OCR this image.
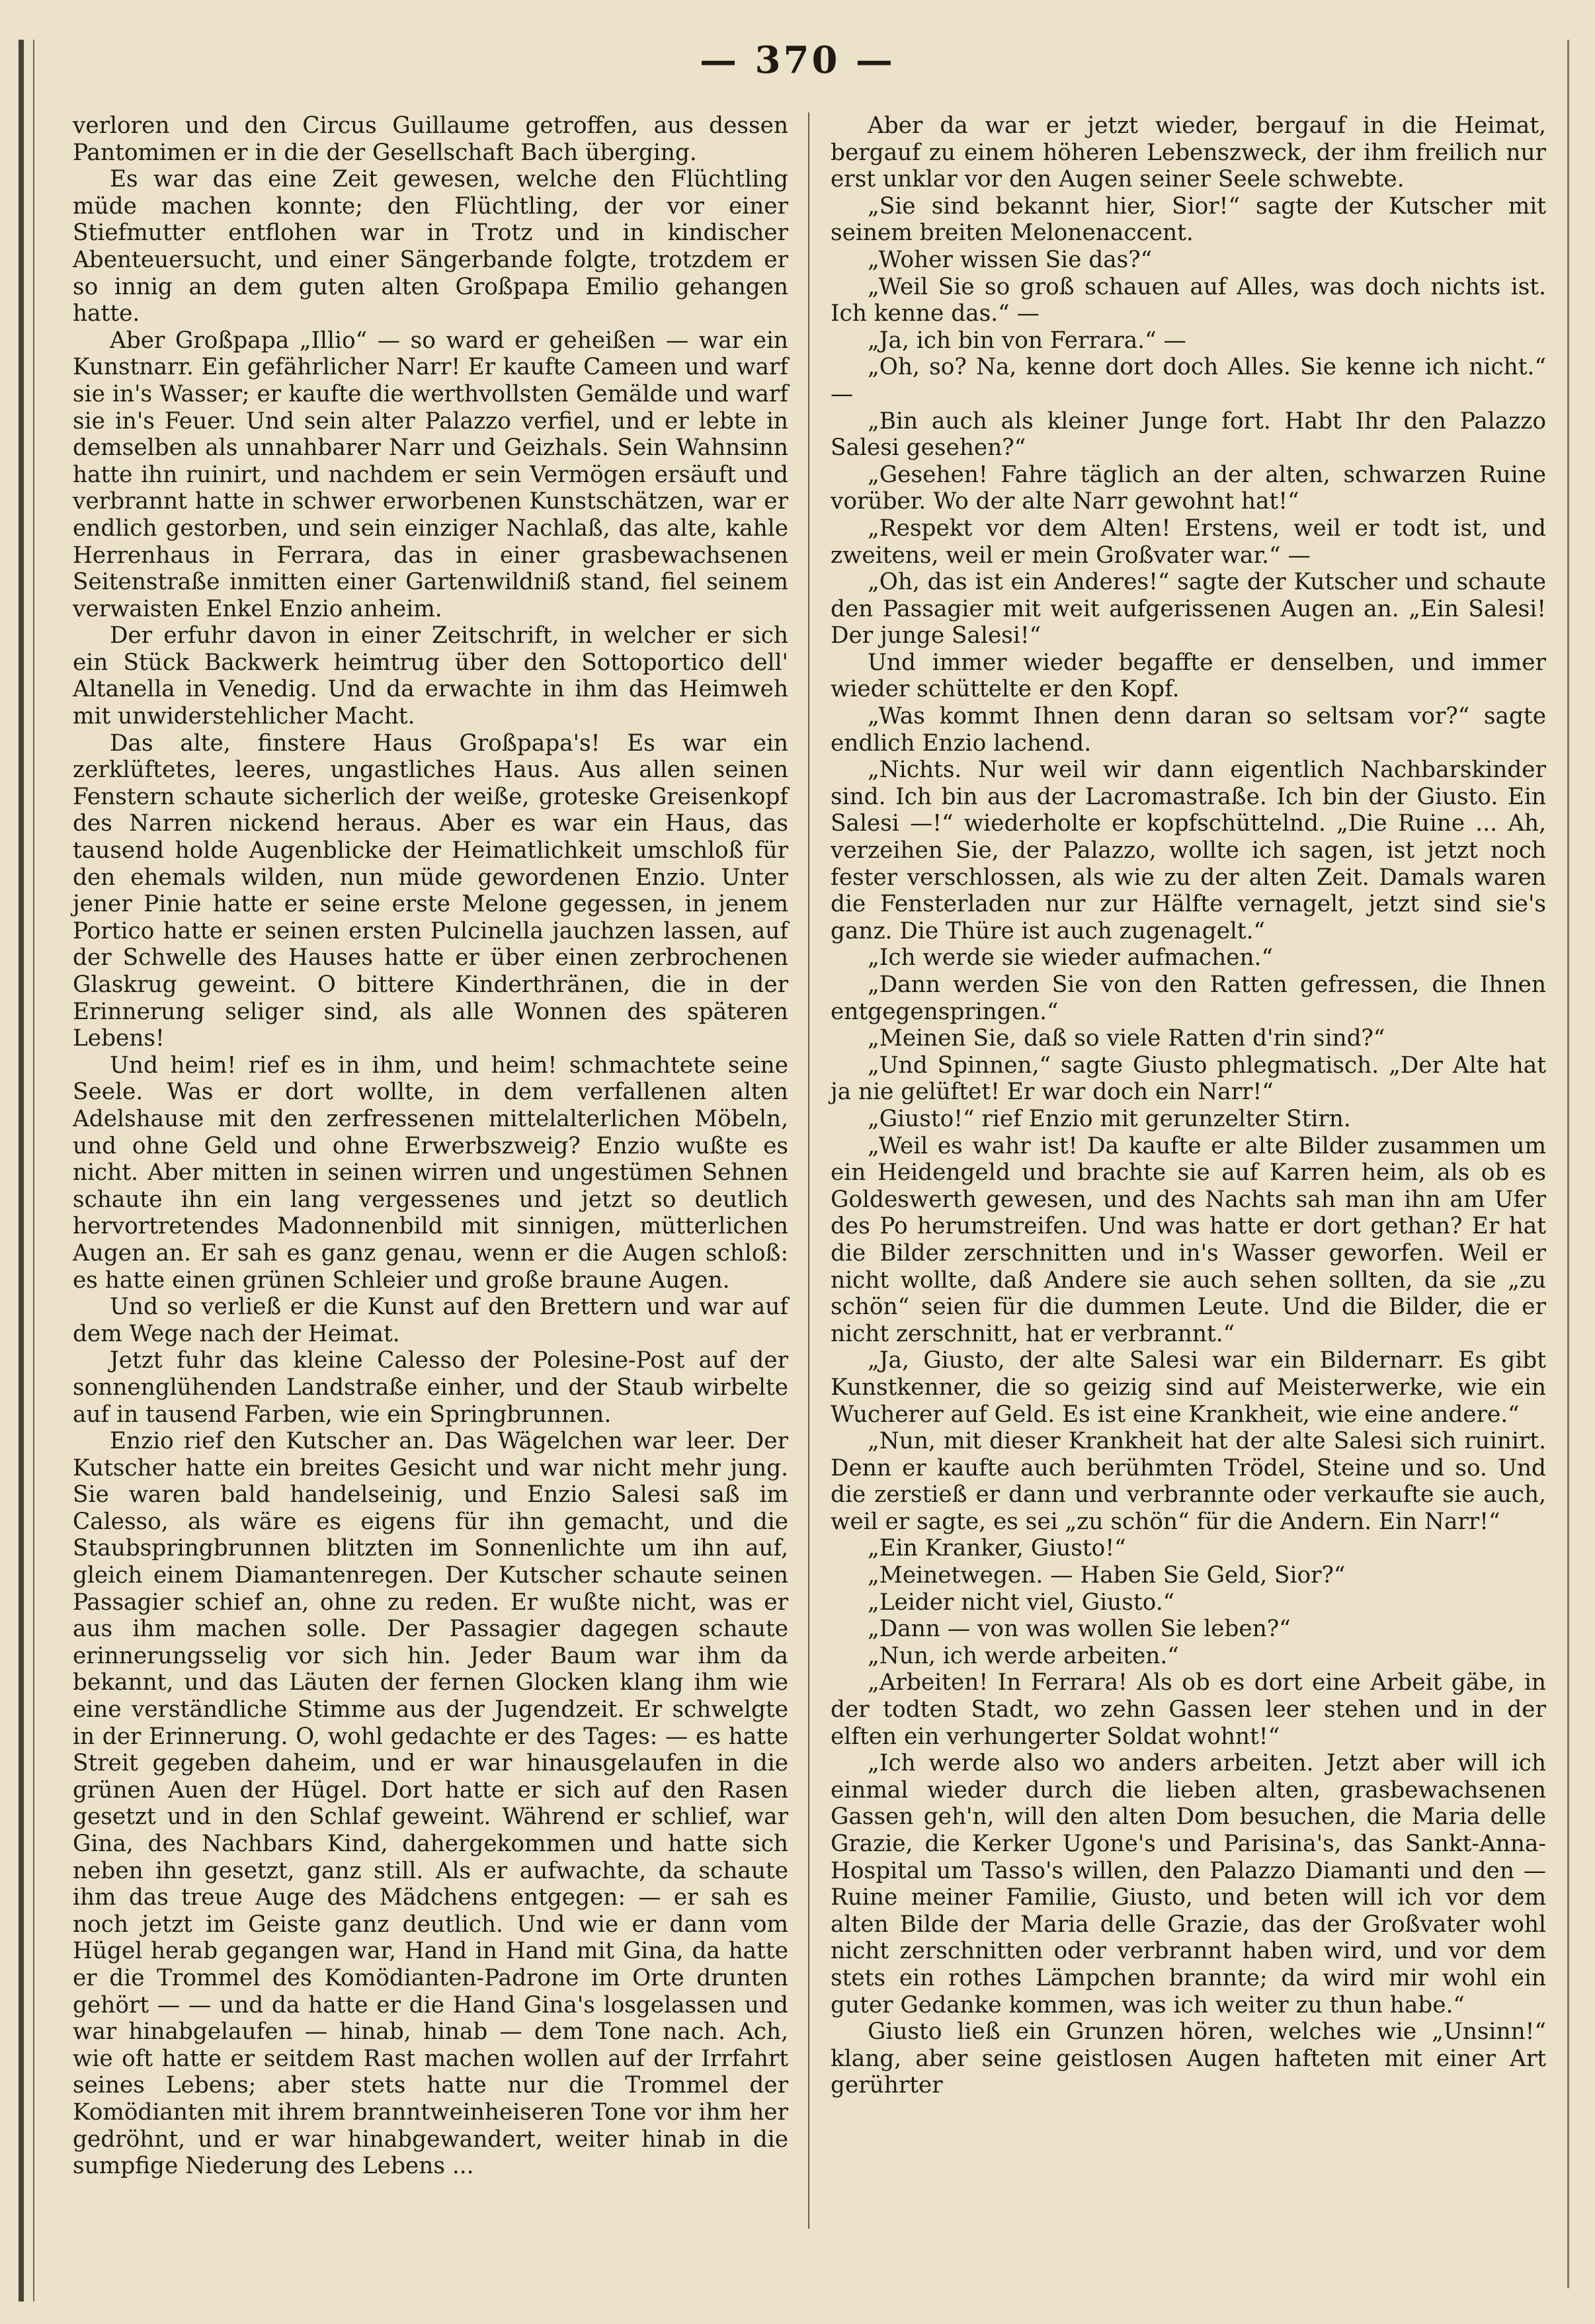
— 370 —

verloren und den Circus Guillaume getroffen, aus dessen Pantomimen er in die der Gesellschaft Bach überging.

Es war das eine Zeit gewesen, welche den Flüchtling müde machen konnte; den Flüchtling, der vor einer Stiefmutter entflohen war in Trotz und in kindischer Abenteuersucht, und einer Sängerbande folgte, trotzdem er so innig an dem guten alten Großpapa Emilio gehangen hatte.

Aber Großpapa „Illio“ — so ward er geheißen — war ein Kunstnarr. Ein gefährlicher Narr! Er kaufte Cameen und warf sie in's Wasser; er kaufte die werthvollsten Gemälde und warf sie in's Feuer. Und sein alter Palazzo verfiel, und er lebte in demselben als unnahbarer Narr und Geizhals. Sein Wahnsinn hatte ihn ruinirt, und nachdem er sein Vermögen ersäuft und verbrannt hatte in schwer erworbenen Kunstschätzen, war er endlich gestorben, und sein einziger Nachlaß, das alte, kahle Herrenhaus in Ferrara, das in einer grasbewachsenen Seitenstraße inmitten einer Gartenwildniß stand, fiel seinem verwaisten Enkel Enzio anheim.

Der erfuhr davon in einer Zeitschrift, in welcher er sich ein Stück Backwerk heimtrug über den Sottoportico dell' Altanella in Venedig. Und da erwachte in ihm das Heimweh mit unwiderstehlicher Macht.

Das alte, finstere Haus Großpapa's! Es war ein zerklüftetes, leeres, ungastliches Haus. Aus allen seinen Fenstern schaute sicherlich der weiße, groteske Greisenkopf des Narren nickend heraus. Aber es war ein Haus, das tausend holde Augenblicke der Heimatlichkeit umschloß für den ehemals wilden, nun müde gewordenen Enzio. Unter jener Pinie hatte er seine erste Melone gegessen, in jenem Portico hatte er seinen ersten Pulcinella jauchzen lassen, auf der Schwelle des Hauses hatte er über einen zerbrochenen Glaskrug geweint. O bittere Kinderthränen, die in der Erinnerung seliger sind, als alle Wonnen des späteren Lebens!

Und heim! rief es in ihm, und heim! schmachtete seine Seele. Was er dort wollte, in dem verfallenen alten Adelshause mit den zerfressenen mittelalterlichen Möbeln, und ohne Geld und ohne Erwerbszweig? Enzio wußte es nicht. Aber mitten in seinen wirren und ungestümen Sehnen schaute ihn ein lang vergessenes und jetzt so deutlich hervortretendes Madonnenbild mit sinnigen, mütterlichen Augen an. Er sah es ganz genau, wenn er die Augen schloß: es hatte einen grünen Schleier und große braune Augen.

Und so verließ er die Kunst auf den Brettern und war auf dem Wege nach der Heimat.

Jetzt fuhr das kleine Calesso der Polesine-Post auf der sonnenglühenden Landstraße einher, und der Staub wirbelte auf in tausend Farben, wie ein Springbrunnen.

Enzio rief den Kutscher an. Das Wägelchen war leer. Der Kutscher hatte ein breites Gesicht und war nicht mehr jung. Sie waren bald handelseinig, und Enzio Salesi saß im Calesso, als wäre es eigens für ihn gemacht, und die Staubspringbrunnen blitzten im Sonnenlichte um ihn auf, gleich einem Diamantenregen. Der Kutscher schaute seinen Passagier schief an, ohne zu reden. Er wußte nicht, was er aus ihm machen solle. Der Passagier dagegen schaute erinnerungsselig vor sich hin. Jeder Baum war ihm da bekannt, und das Läuten der fernen Glocken klang ihm wie eine verständliche Stimme aus der Jugendzeit. Er schwelgte in der Erinnerung. O, wohl gedachte er des Tages: — es hatte Streit gegeben daheim, und er war hinausgelaufen in die grünen Auen der Hügel. Dort hatte er sich auf den Rasen gesetzt und in den Schlaf geweint. Während er schlief, war Gina, des Nachbars Kind, dahergekommen und hatte sich neben ihn gesetzt, ganz still. Als er aufwachte, da schaute ihm das treue Auge des Mädchens entgegen: — er sah es noch jetzt im Geiste ganz deutlich. Und wie er dann vom Hügel herab gegangen war, Hand in Hand mit Gina, da hatte er die Trommel des Komödianten-Padrone im Orte drunten gehört — — und da hatte er die Hand Gina's losgelassen und war hinabgelaufen — hinab, hinab — dem Tone nach. Ach, wie oft hatte er seitdem Rast machen wollen auf der Irrfahrt seines Lebens; aber stets hatte nur die Trommel der Komödianten mit ihrem branntweinheiseren Tone vor ihm her gedröhnt, und er war hinabgewandert, weiter hinab in die sumpfige Niederung des Lebens ...

Aber da war er jetzt wieder, bergauf in die Heimat, bergauf zu einem höheren Lebenszweck, der ihm freilich nur erst unklar vor den Augen seiner Seele schwebte.

„Sie sind bekannt hier, Sior!“ sagte der Kutscher mit seinem breiten Melonenaccent.

„Woher wissen Sie das?“

„Weil Sie so groß schauen auf Alles, was doch nichts ist. Ich kenne das.“ —

„Ja, ich bin von Ferrara.“ —

„Oh, so? Na, kenne dort doch Alles. Sie kenne ich nicht.“ —

„Bin auch als kleiner Junge fort. Habt Ihr den Palazzo Salesi gesehen?“

„Gesehen! Fahre täglich an der alten, schwarzen Ruine vorüber. Wo der alte Narr gewohnt hat!“

„Respekt vor dem Alten! Erstens, weil er todt ist, und zweitens, weil er mein Großvater war.“ —

„Oh, das ist ein Anderes!“ sagte der Kutscher und schaute den Passagier mit weit aufgerissenen Augen an. „Ein Salesi! Der junge Salesi!“

Und immer wieder begaffte er denselben, und immer wieder schüttelte er den Kopf.

„Was kommt Ihnen denn daran so seltsam vor?“ sagte endlich Enzio lachend.

„Nichts. Nur weil wir dann eigentlich Nachbarskinder sind. Ich bin aus der Lacromastraße. Ich bin der Giusto. Ein Salesi —!“ wiederholte er kopfschüttelnd. „Die Ruine ... Ah, verzeihen Sie, der Palazzo, wollte ich sagen, ist jetzt noch fester verschlossen, als wie zu der alten Zeit. Damals waren die Fensterladen nur zur Hälfte vernagelt, jetzt sind sie's ganz. Die Thüre ist auch zugenagelt.“

„Ich werde sie wieder aufmachen.“

„Dann werden Sie von den Ratten gefressen, die Ihnen entgegenspringen.“

„Meinen Sie, daß so viele Ratten d'rin sind?“

„Und Spinnen,“ sagte Giusto phlegmatisch. „Der Alte hat ja nie gelüftet! Er war doch ein Narr!“

„Giusto!“ rief Enzio mit gerunzelter Stirn.

„Weil es wahr ist! Da kaufte er alte Bilder zusammen um ein Heidengeld und brachte sie auf Karren heim, als ob es Goldeswerth gewesen, und des Nachts sah man ihn am Ufer des Po herumstreifen. Und was hatte er dort gethan? Er hat die Bilder zerschnitten und in's Wasser geworfen. Weil er nicht wollte, daß Andere sie auch sehen sollten, da sie „zu schön“ seien für die dummen Leute. Und die Bilder, die er nicht zerschnitt, hat er verbrannt.“

„Ja, Giusto, der alte Salesi war ein Bildernarr. Es gibt Kunstkenner, die so geizig sind auf Meisterwerke, wie ein Wucherer auf Geld. Es ist eine Krankheit, wie eine andere.“

„Nun, mit dieser Krankheit hat der alte Salesi sich ruinirt. Denn er kaufte auch berühmten Trödel, Steine und so. Und die zerstieß er dann und verbrannte oder verkaufte sie auch, weil er sagte, es sei „zu schön“ für die Andern. Ein Narr!“

„Ein Kranker, Giusto!“

„Meinetwegen. — Haben Sie Geld, Sior?“

„Leider nicht viel, Giusto.“

„Dann — von was wollen Sie leben?“

„Nun, ich werde arbeiten.“

„Arbeiten! In Ferrara! Als ob es dort eine Arbeit gäbe, in der todten Stadt, wo zehn Gassen leer stehen und in der elften ein verhungerter Soldat wohnt!“

„Ich werde also wo anders arbeiten. Jetzt aber will ich einmal wieder durch die lieben alten, grasbewachsenen Gassen geh'n, will den alten Dom besuchen, die Maria delle Grazie, die Kerker Ugone's und Parisina's, das Sankt-Anna-Hospital um Tasso's willen, den Palazzo Diamanti und den — Ruine meiner Familie, Giusto, und beten will ich vor dem alten Bilde der Maria delle Grazie, das der Großvater wohl nicht zerschnitten oder verbrannt haben wird, und vor dem stets ein rothes Lämpchen brannte; da wird mir wohl ein guter Gedanke kommen, was ich weiter zu thun habe.“

Giusto ließ ein Grunzen hören, welches wie „Unsinn!“ klang, aber seine geistlosen Augen hafteten mit einer Art gerührter
